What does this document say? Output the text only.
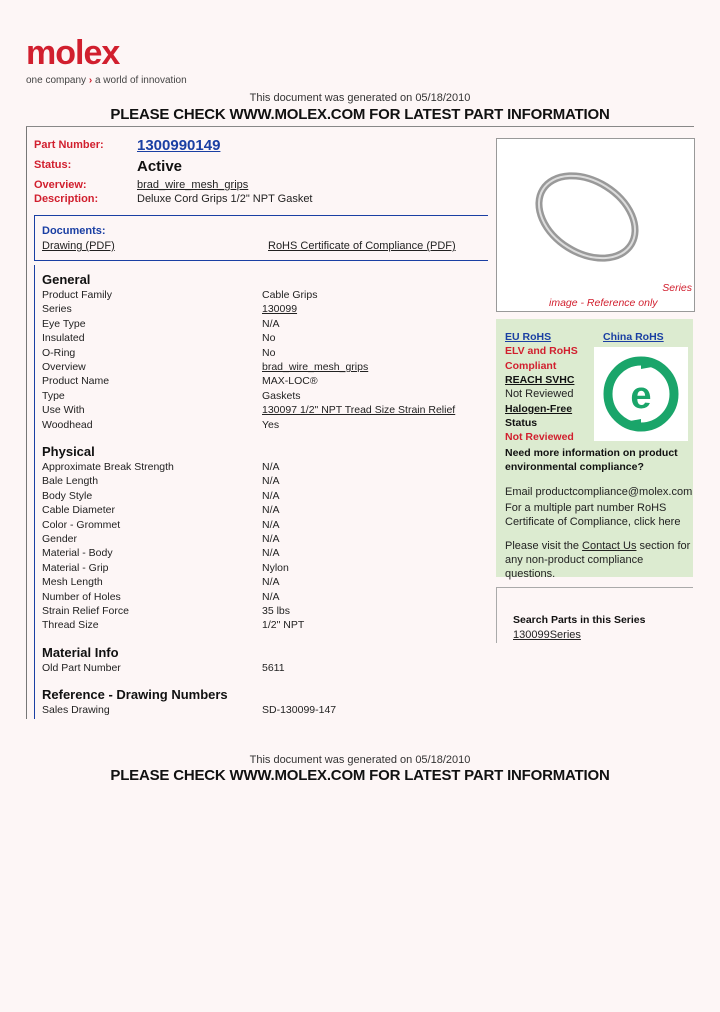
molex
one company › a world of innovation
This document was generated on 05/18/2010
PLEASE CHECK WWW.MOLEX.COM FOR LATEST PART INFORMATION
Part Number: 1300990149
Status:	Active
Overview:	brad_wire_mesh_grips
Description:	Deluxe Cord Grips 1/2" NPT Gasket
Documents:
Drawing (PDF)	RoHS Certificate of Compliance (PDF)
General
Product Family	Cable Grips
Series	130099
Eye Type	N/A
Insulated	No
O-Ring	No
Overview	brad_wire_mesh_grips
Product Name	MAX-LOC®
Type	Gaskets
Use With	130097 1/2" NPT Tread Size Strain Relief
Woodhead	Yes
Physical
Approximate Break Strength	N/A
Bale Length	N/A
Body Style	N/A
Cable Diameter	N/A
Color - Grommet	N/A
Gender	N/A
Material - Body	N/A
Material - Grip	Nylon
Mesh Length	N/A
Number of Holes	N/A
Strain Relief Force	35 lbs
Thread Size	1/2" NPT
Material Info
Old Part Number	5611
Reference - Drawing Numbers
Sales Drawing	SD-130099-147
Series
image - Reference only
EU RoHS	China RoHS
ELV and RoHS
Compliant
REACH SVHC
Not Reviewed
Halogen-Free
Status
Not Reviewed
e
Need more information on product environmental compliance?
Email productcompliance@molex.com
For a multiple part number RoHS Certificate of Compliance, click here
Please visit the Contact Us section for any non-product compliance questions.
Search Parts in this Series
130099Series
This document was generated on 05/18/2010
PLEASE CHECK WWW.MOLEX.COM FOR LATEST PART INFORMATION
